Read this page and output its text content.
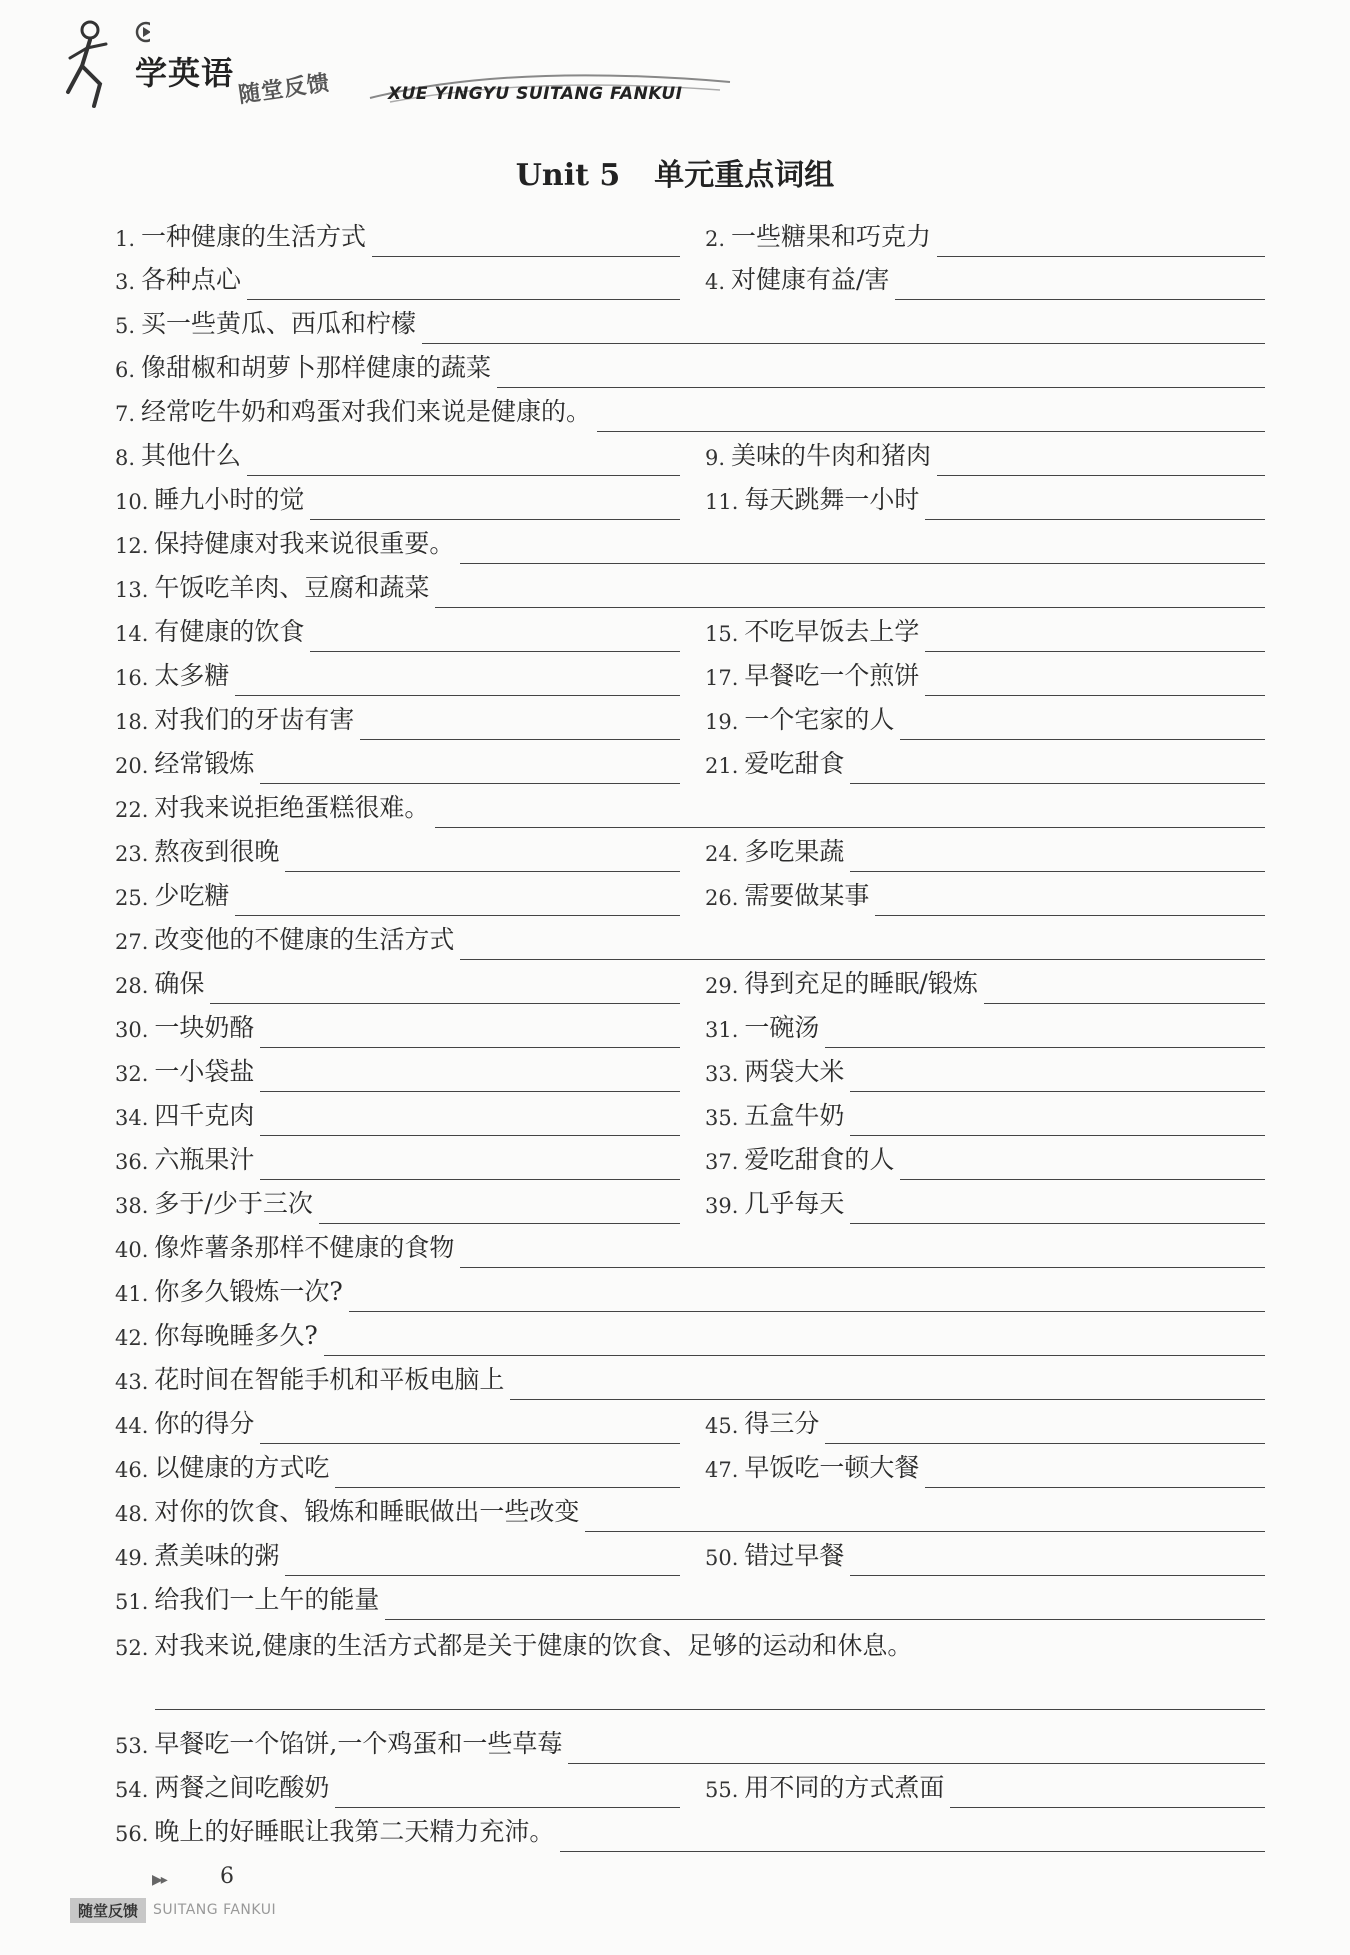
学英语 随堂反馈	XUE YINGYU SUITANG FANKUI
Unit 5 单元重点词组
1. 一种健康的生活方式	2. 一些糖果和巧克力
3. 各种点心	4. 对健康有益/害
5. 买一些黄瓜、西瓜和柠檬
6. 像甜椒和胡萝卜那样健康的蔬菜
7. 经常吃牛奶和鸡蛋对我们来说是健康的。
8. 其他什么	9. 美味的牛肉和猪肉
10. 睡九小时的觉	11. 每天跳舞一小时
12. 保持健康对我来说很重要。
13. 午饭吃羊肉、豆腐和蔬菜
14. 有健康的饮食	15. 不吃早饭去上学
16. 太多糖	17. 早餐吃一个煎饼
18. 对我们的牙齿有害	19. 一个宅家的人
20. 经常锻炼	21. 爱吃甜食
22. 对我来说拒绝蛋糕很难。
23. 熬夜到很晚	24. 多吃果蔬
25. 少吃糖	26. 需要做某事
27. 改变他的不健康的生活方式
28. 确保	29. 得到充足的睡眠/锻炼
30. 一块奶酪	31. 一碗汤
32. 一小袋盐	33. 两袋大米
34. 四千克肉	35. 五盒牛奶
36. 六瓶果汁	37. 爱吃甜食的人
38. 多于/少于三次	39. 几乎每天
40. 像炸薯条那样不健康的食物
41. 你多久锻炼一次?
42. 你每晚睡多久?
43. 花时间在智能手机和平板电脑上
44. 你的得分	45. 得三分
46. 以健康的方式吃	47. 早饭吃一顿大餐
48. 对你的饮食、锻炼和睡眠做出一些改变
49. 煮美味的粥	50. 错过早餐
51. 给我们一上午的能量
52. 对我来说,健康的生活方式都是关于健康的饮食、足够的运动和休息。
53. 早餐吃一个馅饼,一个鸡蛋和一些草莓
54. 两餐之间吃酸奶	55. 用不同的方式煮面
56. 晚上的好睡眠让我第二天精力充沛。
▶▸ 6
随堂反馈	SUITANG FANKUI
